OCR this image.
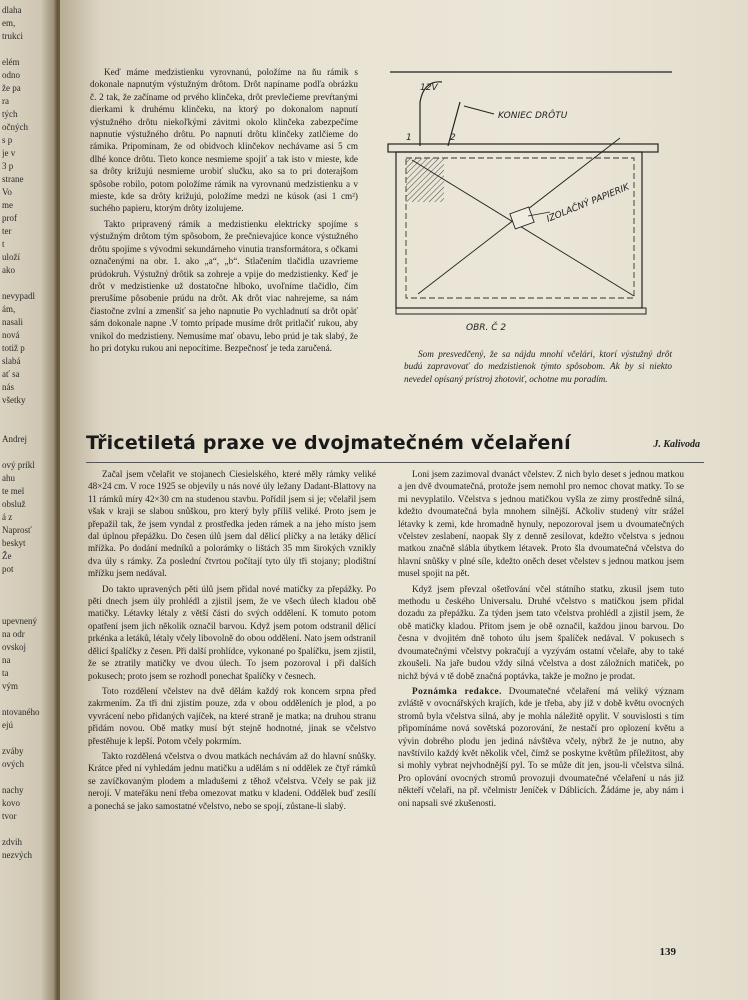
dlaha
em,
trukci

elém
odno
že pa
ra
tých
očných
s p
je v
3 p
strane
Vo
me
prof
ter
t
uloží
ako

nevypadl
ám,
nasali
nová
totiž p
slabá
ať sa
nás
všetky

Andrej

ový príkl
ahu
te mel
obsluž
á z
Naprosť
beskyt
Že
pot

upevnený
na odr
ovskoj
na
ta
vým

ntovaného
ejú

zváby
ových

nachy
kovo
tvor

zdvih
nezvých

Keď máme medzistienku vyrovnanú, položíme na ňu rámik s dokonale napnutým výstužným drôtom. Drôt napíname podľa obrázku č. 2 tak, že začíname od prvého klinčeka, drôt prevlečieme prevŕtanými dierkami k druhému klinčeku, na ktorý po dokonalom napnutí výstužného drôtu niekoľkými závitmi okolo klinčeka zabezpečíme napnutie výstužného drôtu. Po napnutí drôtu klinčeky zatlčieme do rámika. Pripomínam, že od obidvoch klinčekov nechávame asi 5 cm dlhé konce drôtu. Tieto konce nesmieme spojiť a tak isto v mieste, kde sa drôty križujú nesmieme urobiť slučku, ako sa to pri doterajšom spôsobe robilo, potom položíme rámik na vyrovnanú medzistienku a v mieste, kde sa drôty križujú, položíme medzi ne kúsok (asi 1 cm²) suchého papieru, ktorým drôty izolujeme.

Takto pripravený rámik a medzistienku elektricky spojíme s výstužným drôtom tým spôsobom, že prečnievajúce konce výstužného drôtu spojíme s vývodmi sekundárneho vinutia transformátora, s očkami označenými na obr. 1. ako „a“, „b“. Stlačením tlačidla uzavrieme prúdokruh. Výstužný drôtik sa zohreje a vpije do medzistienky. Keď je drôt v medzistienke už dostatočne hlboko, uvoľníme tlačidlo, čím prerušíme pôsobenie prúdu na drôt. Ak drôt viac nahrejeme, sa nám čiastočne zvlní a zmenšiť sa jeho napnutie Po vychladnutí sa drôt opäť sám dokonale napne .V tomto prípade musíme drôt pritlačiť rukou, aby vnikol do medzistieny. Nemusíme mať obavu, lebo prúd je tak slabý, že ho pri dotyku rukou ani nepocítime. Bezpečnosť je teda zaručená.

12V
KONIEC DRÔTU
1	2
IZOLAČNÝ PAPIERIK
OBR. Č 2

Som presvedčený, že sa nájdu mnohí včelári, ktorí výstužný drôt budú zapravovať do medzistienok týmto spôsobom. Ak by si niekto nevedel opísaný prístroj zhotoviť, ochotne mu poradím.

Třicetiletá praxe ve dvojmatečném včelaření	J. Kalivoda

Začal jsem včelařit ve stojanech Ciesielského, které měly rámky veliké 48×24 cm. V roce 1925 se objevily u nás nové úly ležany Dadant-Blattovy na 11 rámků míry 42×30 cm na studenou stavbu. Pořídil jsem si je; včelařil jsem však v kraji se slabou snůškou, pro který byly příliš veliké. Proto jsem je přepažil tak, že jsem vyndal z prostředka jeden rámek a na jeho místo jsem dal úplnou přepážku. Do česen úlů jsem dal dělicí plíčky a na letáky dělicí mřížka. Po dodání medníků a polorámky o lištách 35 mm širokých vznikly dva úly s rámky. Za poslední čtvrtou počítají tyto úly tři stojany; plodištní mřížku jsem nedával.

Do takto upravených pěti úlů jsem přidal nové matičky za přepážky. Po pěti dnech jsem úly prohlédl a zjistil jsem, že ve všech úlech kladou obě matičky. Létavky létaly z větší části do svých oddělení. K tomuto potom opatření jsem jich několik označil barvou. Když jsem potom odstranil dělicí prkénka a letáků, létaly včely libovolně do obou oddělení. Nato jsem odstranil dělicí špalíčky z česen. Při další prohlídce, vykonané po špalíčku, jsem zjistil, že se ztratily matičky ve dvou úlech. To jsem pozoroval i při dalších pokusech; proto jsem se rozhodl ponechat špalíčky v česnech.

Toto rozdělení včelstev na dvě dělám každý rok koncem srpna před zakrmením. Za tři dni zjistím pouze, zda v obou odděleních je plod, a po vyvrácení nebo přidaných vajíček, na které straně je matka; na druhou stranu přidám novou. Obě matky musí být stejně hodnotné, jinak se včelstvo přestěhuje k lepší. Potom včely pokrmím.

Takto rozdělená včelstva o dvou matkách nechávám až do hlavní snůšky. Krátce před ní vyhledám jednu matičku a udělám s ní oddělek ze čtyř rámků se zavíčkovaným plodem a mladušemi z těhož včelstva. Včely se pak již nerojí. V mateřáku není třeba omezovat matku v kladení. Oddělek buď zesílí a ponechá se jako samostatné včelstvo, nebo se spojí, zůstane-li slabý.

Loni jsem zazimoval dvanáct včelstev. Z nich bylo deset s jednou matkou a jen dvě dvoumatečná, protože jsem nemohl pro nemoc chovat matky. To se mi nevyplatilo. Včelstva s jednou matičkou vyšla ze zimy prostředně silná, kdežto dvoumatečná byla mnohem silnější. Ačkoliv studený vítr srážel létavky k zemi, kde hromadně hynuly, nepozoroval jsem u dvoumatečných včelstev zeslabení, naopak šly z denně zesilovat, kdežto včelstva s jednou matkou značně slábla úbytkem létavek. Proto šla dvoumatečná včelstva do hlavní snůšky v plné síle, kdežto oněch deset včelstev s jednou matkou jsem musel spojit na pět.

Když jsem převzal ošetřování včel státního statku, zkusil jsem tuto methodu u českého Universalu. Druhé včelstvo s matičkou jsem přidal dozadu za přepážku. Za týden jsem tato včelstva prohlédl a zjistil jsem, že obě matičky kladou. Přitom jsem je obě označil, každou jinou barvou. Do česna v dvojitém dně tohoto úlu jsem špalíček nedával. V pokusech s dvoumatečnými včelstvy pokračují a vyzývám ostatní včelaře, aby to také zkoušeli. Na jaře budou vždy silná včelstva a dost záložních matiček, po nichž bývá v tě době značná poptávka, takže je možno je prodat.

Poznámka redakce. Dvoumatečné včelaření má veliký význam zvláště v ovocnářských krajích, kde je třeba, aby již v době květu ovocných stromů byla včelstva silná, aby je mohla náležitě opylit. V souvislosti s tím připomínáme nová sovětská pozorování, že nestačí pro oplození květu a vývin dobrého plodu jen jediná návštěva včely, nýbrž že je nutno, aby navštívilo každý květ několik včel, čímž se poskytne květům příležitost, aby si mohly vybrat nejvhodnější pyl. To se může dít jen, jsou-li včelstva silná. Pro oplování ovocných stromů provozuji dvoumatečné včelaření u nás již někteří včelaři, na př. včelmistr Jeníček v Dáblicích. Žádáme je, aby nám i oni napsali své zkušenosti.

139
